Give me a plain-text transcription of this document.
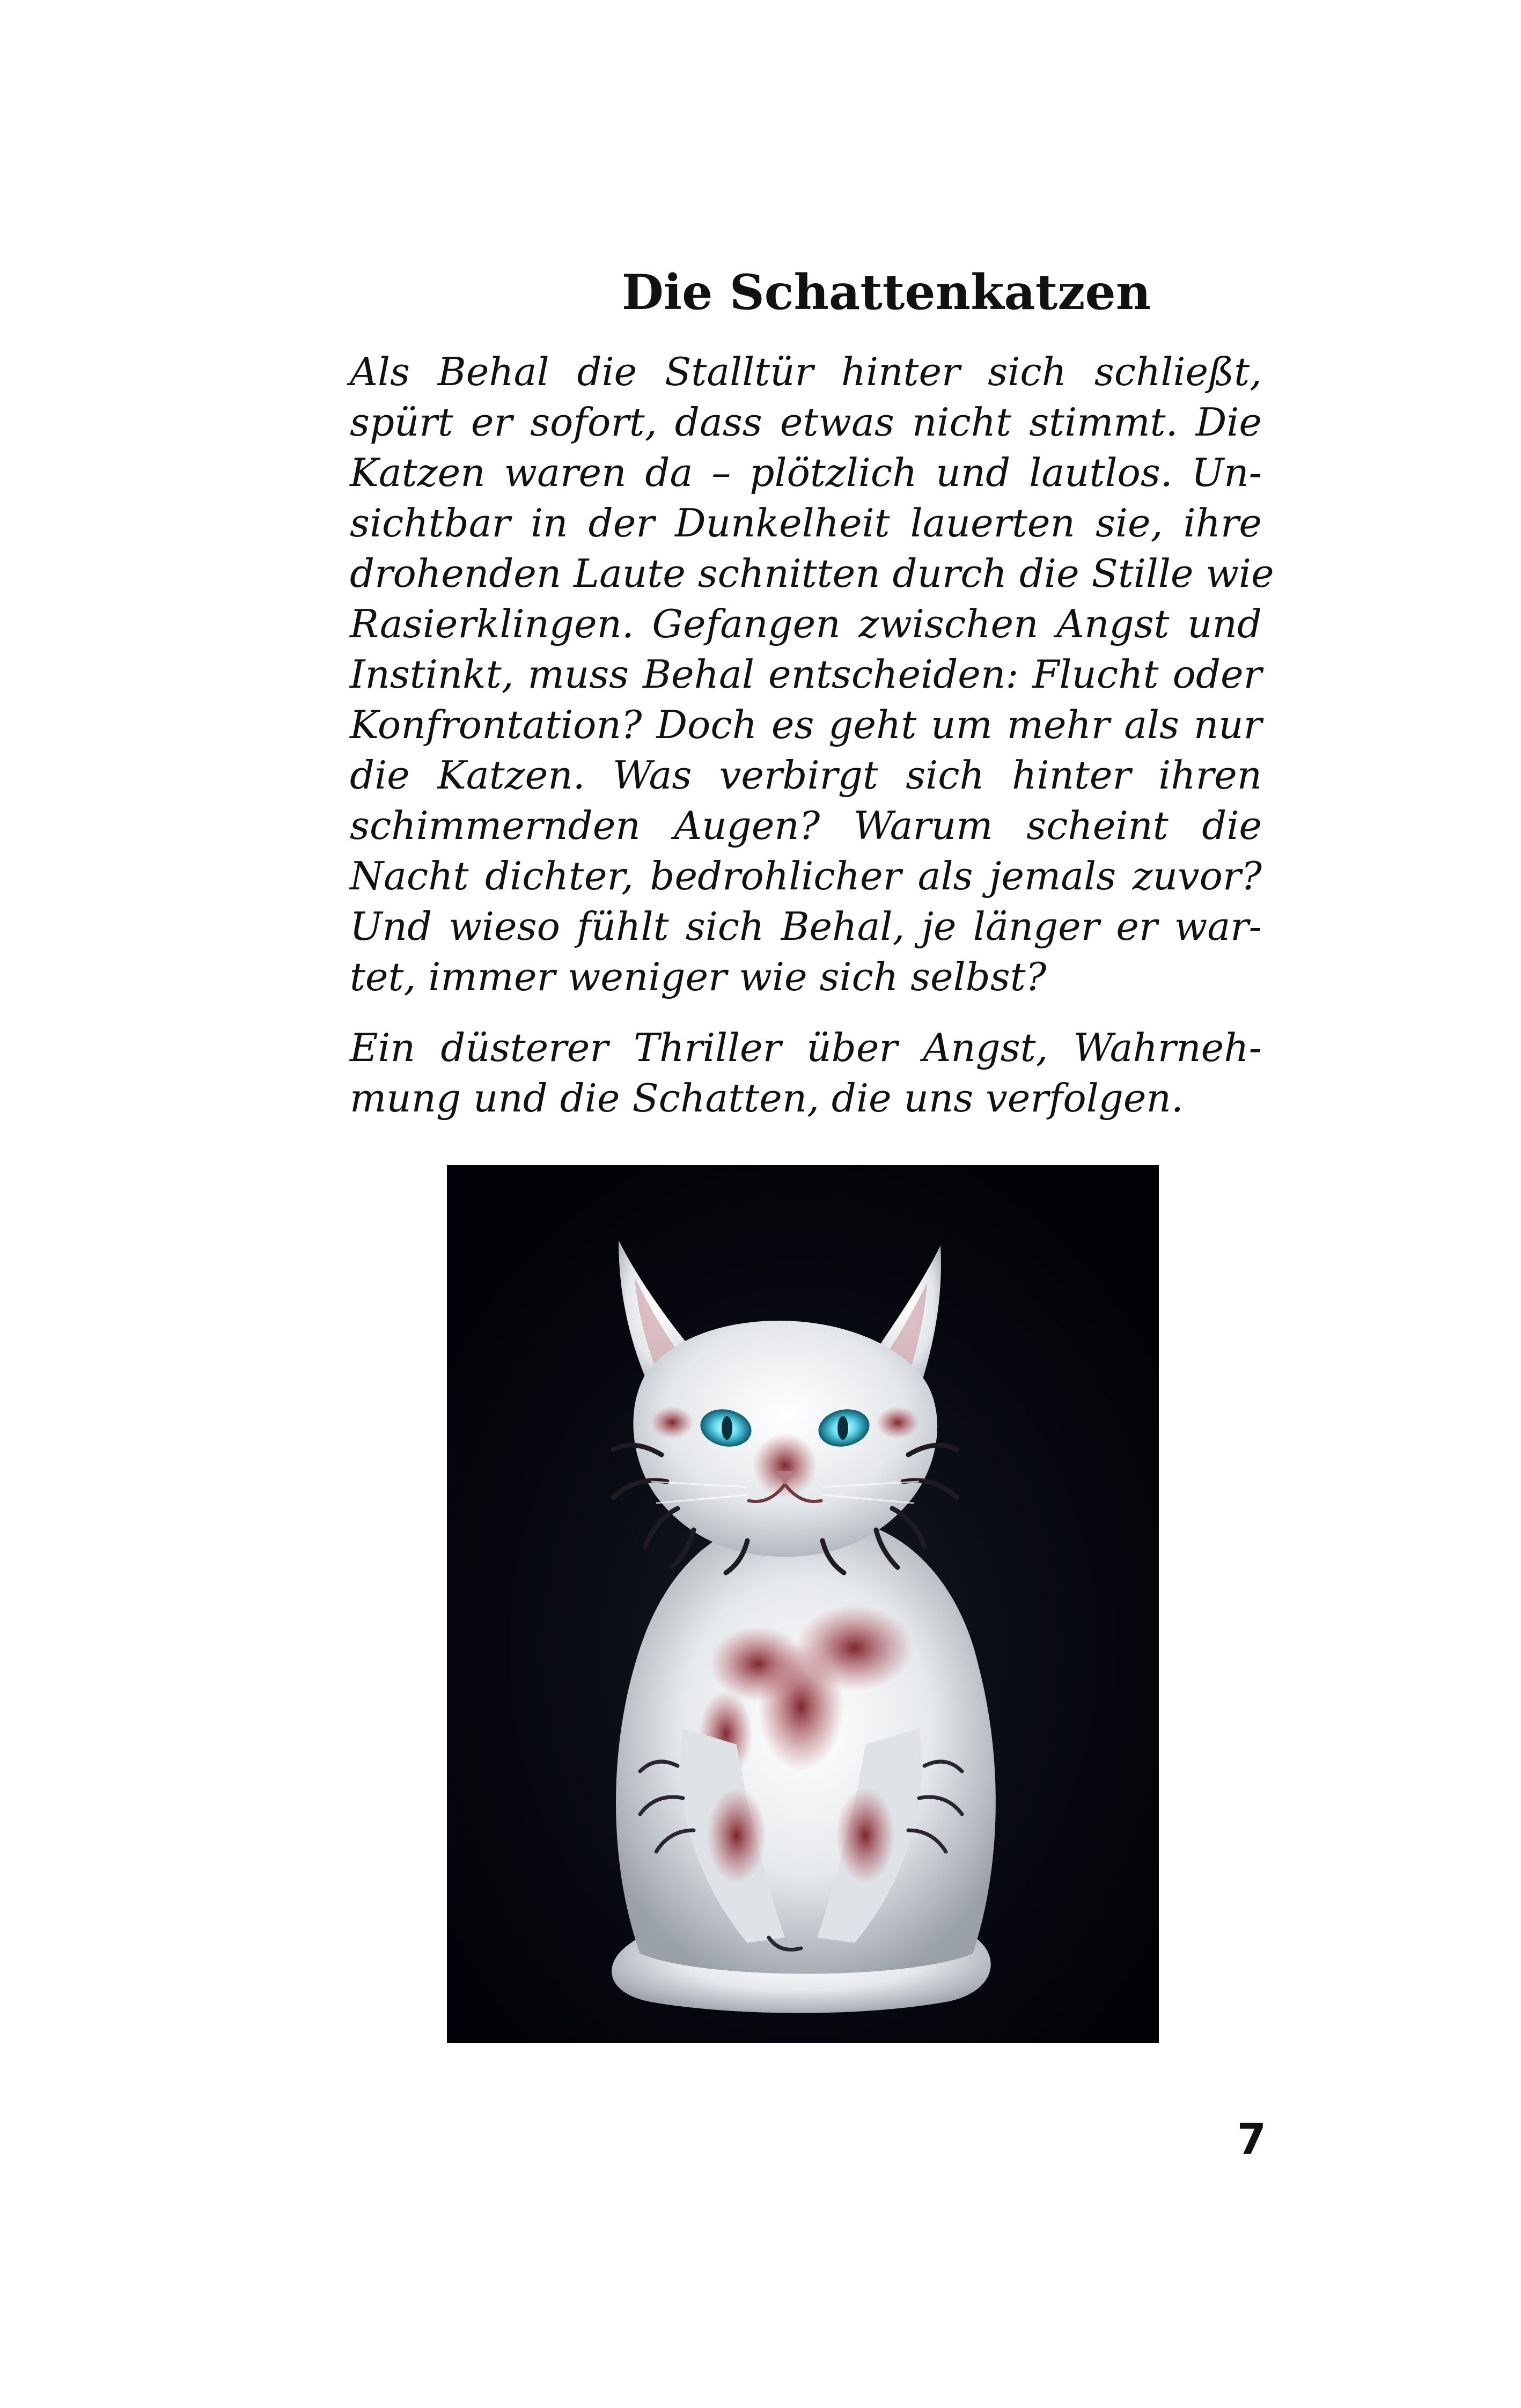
Die Schattenkatzen

Als Behal die Stalltür hinter sich schließt,
spürt er sofort, dass etwas nicht stimmt. Die
Katzen waren da – plötzlich und lautlos. Un-
sichtbar in der Dunkelheit lauerten sie, ihre
drohenden Laute schnitten durch die Stille wie
Rasierklingen. Gefangen zwischen Angst und
Instinkt, muss Behal entscheiden: Flucht oder
Konfrontation? Doch es geht um mehr als nur
die Katzen. Was verbirgt sich hinter ihren
schimmernden Augen? Warum scheint die
Nacht dichter, bedrohlicher als jemals zuvor?
Und wieso fühlt sich Behal, je länger er war-
tet, immer weniger wie sich selbst?

Ein düsterer Thriller über Angst, Wahrneh-
mung und die Schatten, die uns verfolgen.

7
